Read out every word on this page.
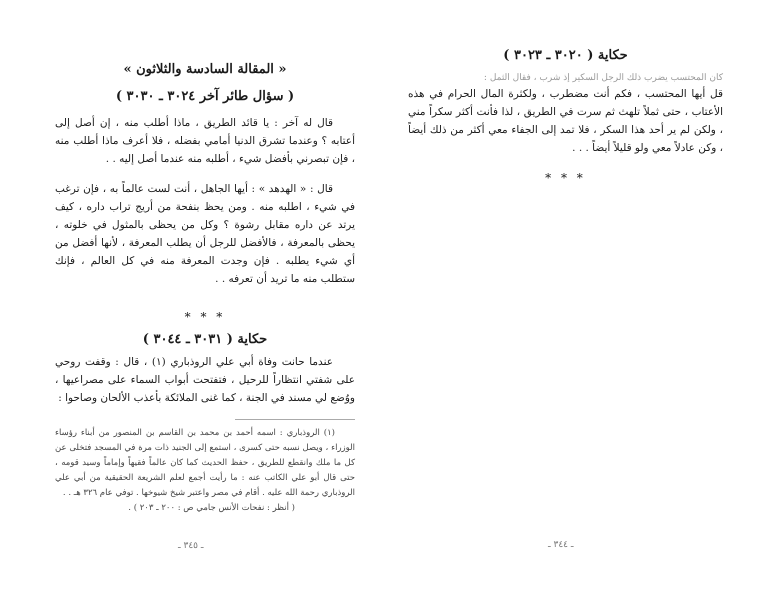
« المقالة السادسة والثلاثون »

( سؤال طائر آخر ٣٠٢٤ ـ ٣٠٣٠ )

قال له آخر : يا قائد الطريق ، ماذا أطلب منه ، إن أصل إلى أعتابه ؟ وعندما تشرق الدنيا أمامي بفضله ، فلا أعرف ماذا أطلب منه ، فإن تبصرني بأفضل شيء ، أطلبه منه عندما أصل إليه . .

قال : « الهدهد » : أيها الجاهل ، أنت لست عالماً به ، فإن ترغب في شيء ، اطلبه منه . ومن يحظ بنفحة من أريج تراب داره ، كيف يرتد عن داره مقابل رشوة ؟ وكل من يحظى بالمثول في خلوته ، يحظى بالمعرفة ، فالأفضل للرجل أن يطلب المعرفة ، لأنها أفضل من أي شيء يطلبه . فإن وجدت المعرفة منه في كل العالم ، فإنك ستطلب منه ما تريد أن تعرفه . .

* * *

حكاية ( ٣٠٣١ ـ ٣٠٤٤ )

عندما حانت وفاة أبي علي الروذباري (١) ، قال : وقفت روحي على شفتي انتظاراً للرحيل ، فتفتحت أبواب السماء على مصراعيها ، ووُضع لي مسند في الجنة ، كما غنى الملائكة بأعذب الألحان وصاحوا :

(١) الروذباري : اسمه أحمد بن محمد بن القاسم بن المنصور من أبناء رؤساء الوزراء ، ويصل نسبه حتى كسرى ، استمع إلى الجنيد ذات مرة في المسجد فتخلى عن كل ما ملك وانقطع للطريق ، حفظ الحديث كما كان عالماً فقيهاً وإماماً وسيد قومه ، حتى قال أبو علي الكاتب عنه : ما رأيت أجمع لعلم الشريعة الحقيقية من أبي علي الروذباري رحمة الله عليه . أقام في مصر واعتبر شيخ شيوخها . توفي عام ٣٢٦ هـ . .

( أنظر : نفحات الأنس جامي ص : ٢٠٠ ـ ٢٠٣ ) .

ـ ٣٤٥ ـ

حكاية ( ٣٠٢٠ ـ ٣٠٢٣ )

كان المحتسب يضرب ذلك الرجل السكير إذ شرب ، فقال الثمل :

قل أيها المحتسب ، فكم أنت مضطرب ، ولكثرة المال الحرام في هذه الأعتاب ، حتى ثملاً تلهث ثم سرت في الطريق ، لذا فأنت أكثر سكراً مني ، ولكن لم ير أحد هذا السكر ، فلا تمد إلى الجفاء معي أكثر من ذلك أيضاً ، وكن عادلاً معي ولو قليلاً أيضاً . . .

* * *
ـ ٣٤٤ ـ
